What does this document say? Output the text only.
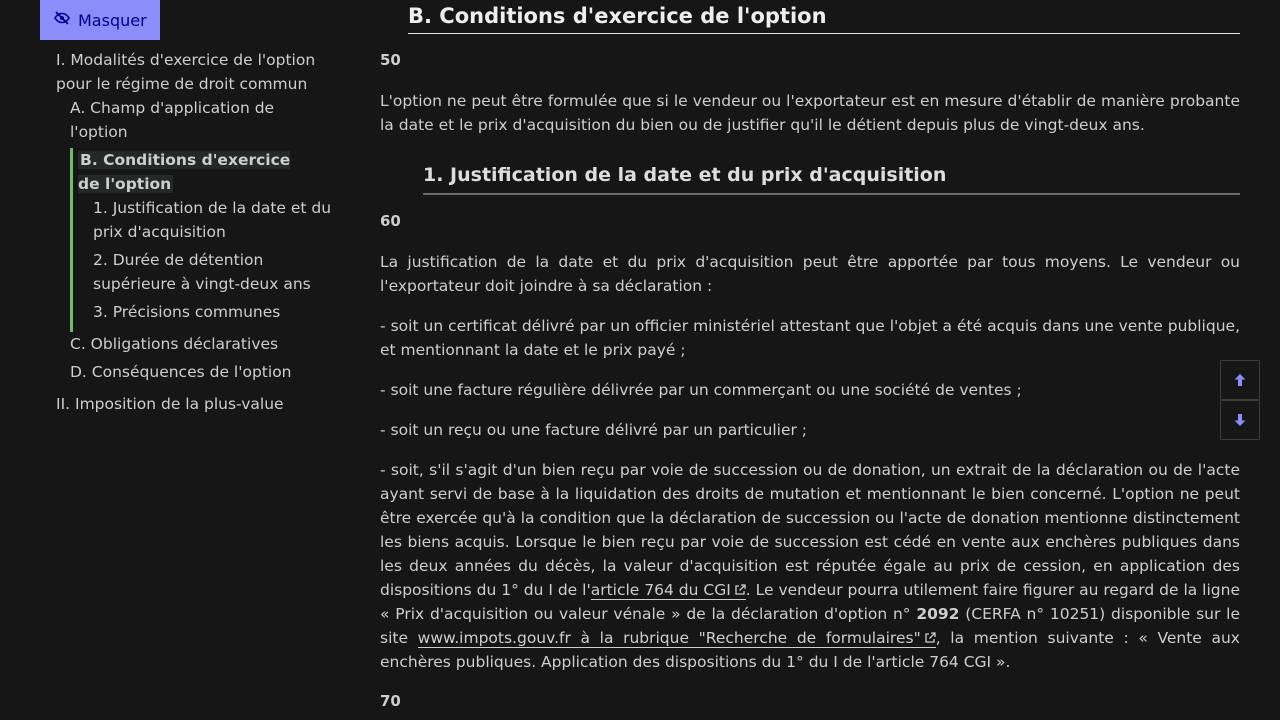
Masquer
I. Modalités d'exercice de l'option pour le régime de droit commun
A. Champ d'application de l'option
B. Conditions d'exercice de l'option
1. Justification de la date et du prix d'acquisition
2. Durée de détention supérieure à vingt-deux ans
3. Précisions communes
C. Obligations déclaratives
D. Conséquences de l'option
II. Imposition de la plus-value
B. Conditions d'exercice de l'option
50

L'option ne peut être formulée que si le vendeur ou l'exportateur est en mesure d'établir de manière probante la date et le prix d'acquisition du bien ou de justifier qu'il le détient depuis plus de vingt-deux ans.

1. Justification de la date et du prix d'acquisition
60

La justification de la date et du prix d'acquisition peut être apportée par tous moyens. Le vendeur ou l'exportateur doit joindre à sa déclaration :

- soit un certificat délivré par un officier ministériel attestant que l'objet a été acquis dans une vente publique, et mentionnant la date et le prix payé ;

- soit une facture régulière délivrée par un commerçant ou une société de ventes ;

- soit un reçu ou une facture délivré par un particulier ;

- soit, s'il s'agit d'un bien reçu par voie de succession ou de donation, un extrait de la déclaration ou de l'acte ayant servi de base à la liquidation des droits de mutation et mentionnant le bien concerné. L'option ne peut être exercée qu'à la condition que la déclaration de succession ou l'acte de donation mentionne distinctement les biens acquis. Lorsque le bien reçu par voie de succession est cédé en vente aux enchères publiques dans les deux années du décès, la valeur d'acquisition est réputée égale au prix de cession, en application des dispositions du 1° du I de l'article 764 du CGI . Le vendeur pourra utilement faire figurer au regard de la ligne « Prix d'acquisition ou valeur vénale » de la déclaration d'option n° 2092 (CERFA n° 10251) disponible sur le site www.impots.gouv.fr à la rubrique "Recherche de formulaires" , la mention suivante : « Vente aux enchères publiques. Application des dispositions du 1° du I de l'article 764 CGI ».

70
